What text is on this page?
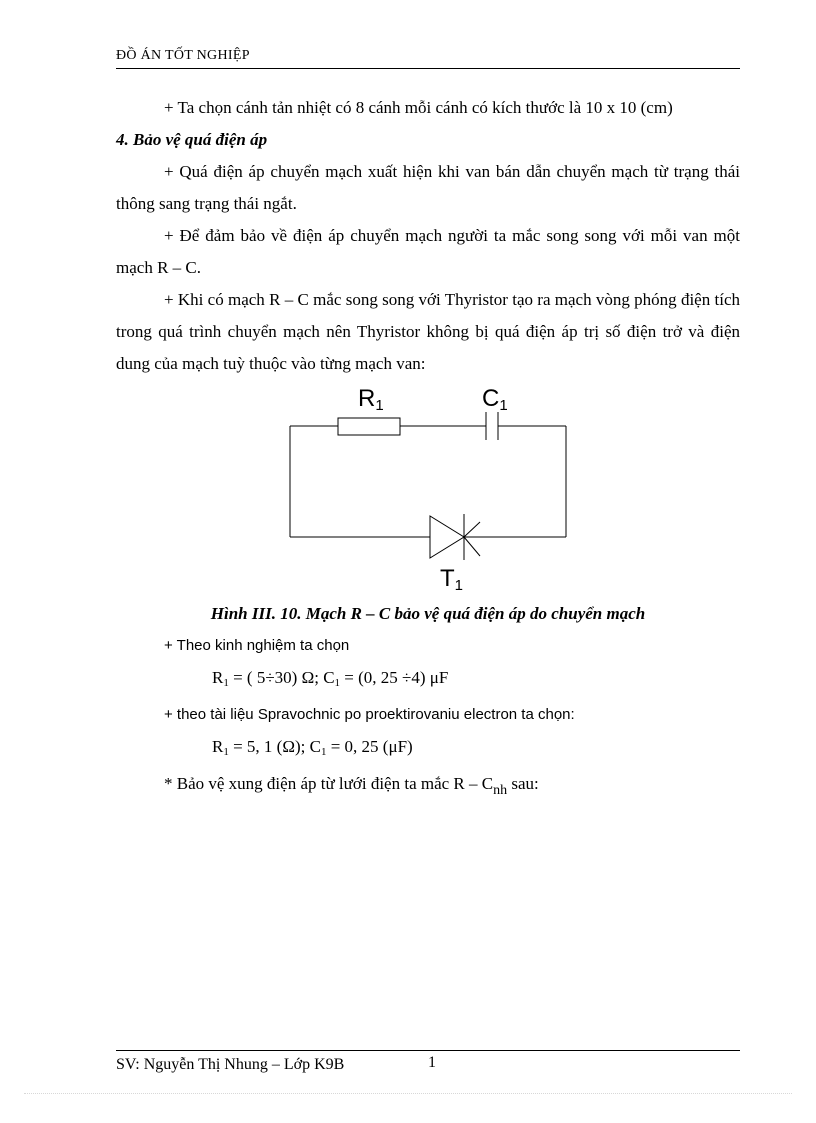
ĐỒ ÁN TỐT NGHIỆP

+ Ta chọn cánh tản nhiệt có 8 cánh mỗi cánh có kích thước là 10 x 10 (cm)

4. Bảo vệ quá điện áp

+ Quá điện áp chuyển mạch xuất hiện khi van bán dẫn chuyển mạch từ trạng thái thông sang trạng thái ngắt.

+ Để đảm bảo về điện áp chuyển mạch người ta mắc song song với mỗi van một mạch R – C.

+ Khi có mạch R – C mắc song song với Thyristor tạo ra mạch vòng phóng điện tích trong quá trình chuyển mạch nên Thyristor không bị quá điện áp trị số điện trở và điện dung của mạch tuỳ thuộc vào từng mạch van:

$R_1$	$C_1$
$T_1$

Hình III. 10. Mạch R – C bảo vệ quá điện áp do chuyển mạch

+ Theo kinh nghiệm ta chọn

$R_1$ = ( 5÷30) Ω; $C_1 = (0$, 25 ÷4) μF

+ theo tài liệu Spravochnic po proektirovaniu electron ta chọn:

$R_1 = 5$, 1 (Ω); $C_1 = 0$, 25 (μF)

* Bảo vệ xung điện áp từ lưới điện ta mắc R – $C_{nh}$ sau:

SV: Nguyễn Thị Nhung – Lớp K9B	1
